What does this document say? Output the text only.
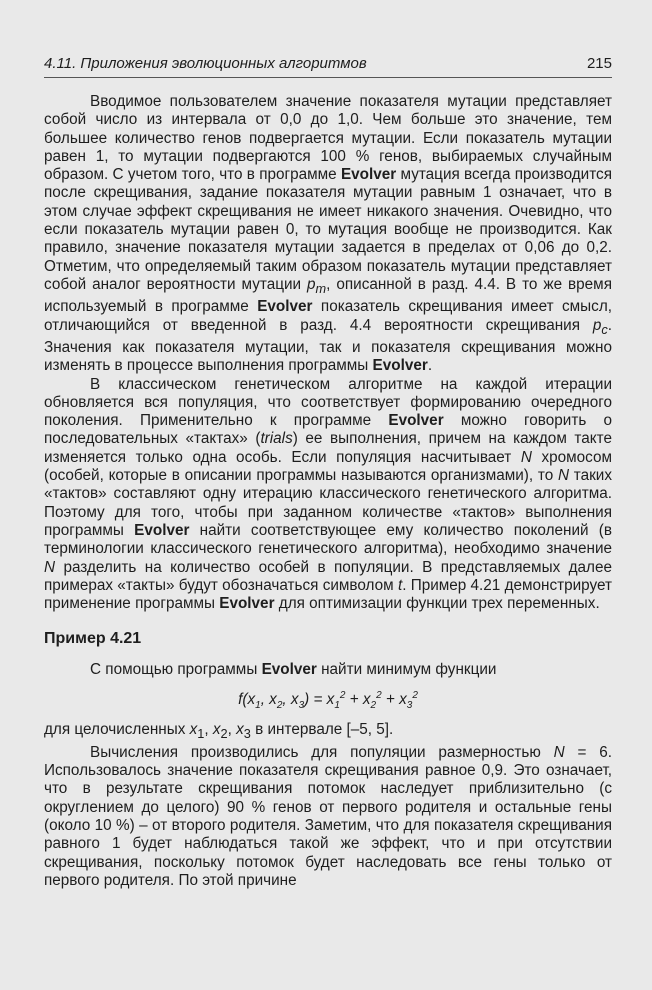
4.11. Приложения эволюционных алгоритмов	215

Вводимое пользователем значение показателя мутации представляет собой число из интервала от 0,0 до 1,0. Чем больше это значение, тем большее количество генов подвергается мутации. Если показатель мутации равен 1, то мутации подвергаются 100 % генов, выбираемых случайным образом. С учетом того, что в программе Evolver мутация всегда производится после скрещивания, задание показателя мутации равным 1 означает, что в этом случае эффект скрещивания не имеет никакого значения. Очевидно, что если показатель мутации равен 0, то мутация вообще не производится. Как правило, значение показателя мутации задается в пределах от 0,06 до 0,2. Отметим, что определяемый таким образом показатель мутации представляет собой аналог вероятности мутации $p_m$, описанной в разд. 4.4. В то же время используемый в программе Evolver показатель скрещивания имеет смысл, отличающийся от введенной в разд. 4.4 вероятности скрещивания $p_c$. Значения как показателя мутации, так и показателя скрещивания можно изменять в процессе выполнения программы Evolver.

В классическом генетическом алгоритме на каждой итерации обновляется вся популяция, что соответствует формированию очередного поколения. Применительно к программе Evolver можно говорить о последовательных «тактах» (trials) ее выполнения, причем на каждом такте изменяется только одна особь. Если популяция насчитывает N хромосом (особей, которые в описании программы называются организмами), то N таких «тактов» составляют одну итерацию классического генетического алгоритма. Поэтому для того, чтобы при заданном количестве «тактов» выполнения программы Evolver найти соответствующее ему количество поколений (в терминологии классического генетического алгоритма), необходимо значение N разделить на количество особей в популяции. В представляемых далее примерах «такты» будут обозначаться символом t. Пример 4.21 демонстрирует применение программы Evolver для оптимизации функции трех переменных.

Пример 4.21

С помощью программы Evolver найти минимум функции

$f(x_1$, $x_2$, $x_3) = x_1^2 + x_2^2 + x_3^2$

для целочисленных $x_1$, $x_2$, $x_3$ в интервале [–5, 5].

Вычисления производились для популяции размерностью N = 6. Использовалось значение показателя скрещивания равное 0,9. Это означает, что в результате скрещивания потомок наследует приблизительно (с округлением до целого) 90 % генов от первого родителя и остальные гены (около 10 %) – от второго родителя. Заметим, что для показателя скрещивания равного 1 будет наблюдаться такой же эффект, что и при отсутствии скрещивания, поскольку потомок будет наследовать все гены только от первого родителя. По этой причине
